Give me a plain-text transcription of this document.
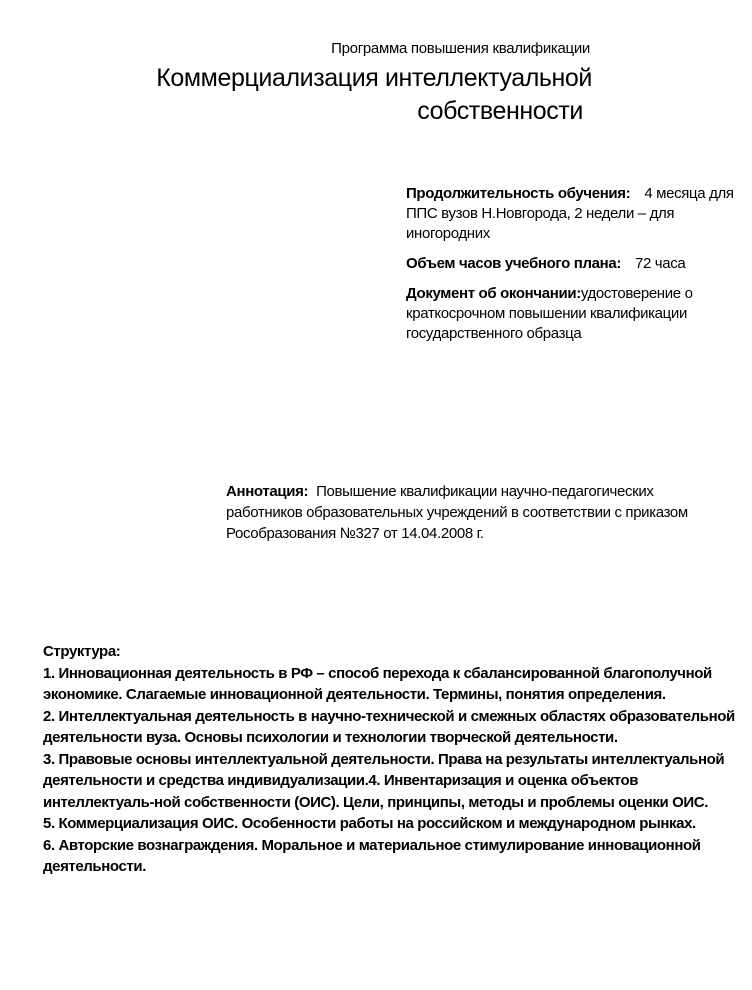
Программа повышения квалификации
Коммерциализация интеллектуальной
собственности

Продолжительность обучения: 4 месяца для ППС вузов Н.Новгорода, 2 недели – для иногородних

Объем часов учебного плана: 72 часа

Документ об окончании:удостоверение о краткосрочном повышении квалификации государственного образца

Аннотация: Повышение квалификации научно-педагогических работников образовательных учреждений в соответствии с приказом Рособразования №327 от 14.04.2008 г.
Структура:
1. Инновационная деятельность в РФ – способ перехода к сбалансированной благополучной экономике. Слагаемые инновационной деятельности. Термины, понятия определения.
2. Интеллектуальная деятельность в научно-технической и смежных областях образовательной деятельности вуза. Основы психологии и технологии творческой деятельности.
3. Правовые основы интеллектуальной деятельности. Права на результаты интеллектуальной деятельности и средства индивидуализации.4. Инвентаризация и оценка объектов интеллектуаль-ной собственности (ОИС). Цели, принципы, методы и проблемы оценки ОИС.
5. Коммерциализация ОИС. Особенности работы на российском и международном рынках.
6. Авторские вознаграждения. Моральное и материальное стимулирование инновационной деятельности.
